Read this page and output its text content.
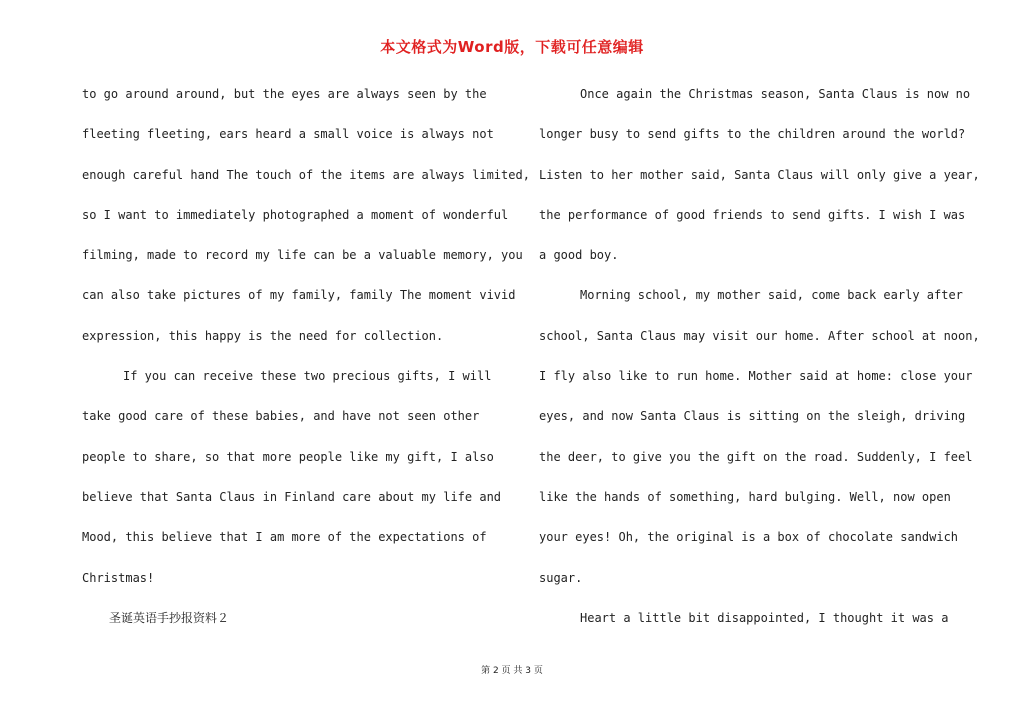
本文格式为Word版，下载可任意编辑
to go around around, but the eyes are always seen by the
fleeting fleeting, ears heard a small voice is always not
enough careful hand The touch of the items are always limited,
so I want to immediately photographed a moment of wonderful
filming, made to record my life can be a valuable memory, you
can also take pictures of my family, family The moment vivid
expression, this happy is the need for collection.
If you can receive these two precious gifts, I will
take good care of these babies, and have not seen other
people to share, so that more people like my gift, I also
believe that Santa Claus in Finland care about my life and
Mood, this believe that I am more of the expectations of
Christmas!
圣诞英语手抄报资料２
Once again the Christmas season, Santa Claus is now no
longer busy to send gifts to the children around the world?
Listen to her mother said, Santa Claus will only give a year,
the performance of good friends to send gifts. I wish I was
a good boy.
Morning school, my mother said, come back early after
school, Santa Claus may visit our home. After school at noon,
I fly also like to run home. Mother said at home: close your
eyes, and now Santa Claus is sitting on the sleigh, driving
the deer, to give you the gift on the road. Suddenly, I feel
like the hands of something, hard bulging. Well, now open
your eyes! Oh, the original is a box of chocolate sandwich
sugar.
Heart a little bit disappointed, I thought it was a
第 2 页 共 3 页
